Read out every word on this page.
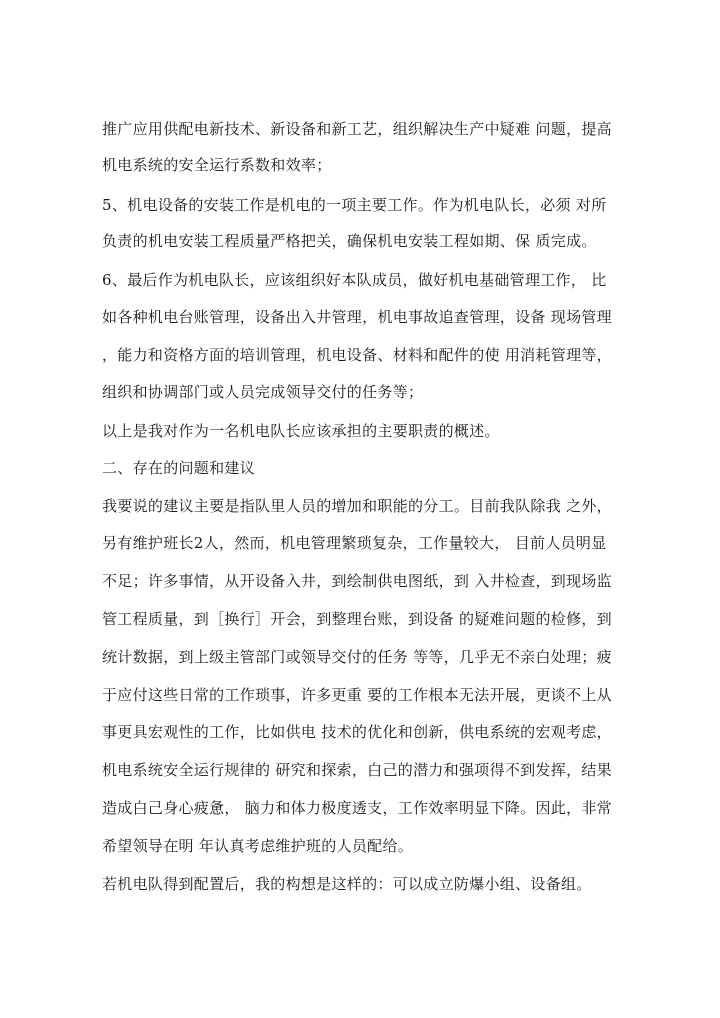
推广应用供配电新技术、新设备和新工艺，组织解决生产中疑难 问题，提高
机电系统的安全运行系数和效率；
5、机电设备的安装工作是机电的一项主要工作。作为机电队长，必须 对所
负责的机电安装工程质量严格把关，确保机电安装工程如期、保 质完成。
6、最后作为机电队长，应该组织好本队成员，做好机电基础管理工作， 比
如各种机电台账管理，设备出入井管理，机电事故追查管理，设备 现场管理
，能力和资格方面的培训管理，机电设备、材料和配件的使 用消耗管理等，
组织和协调部门或人员完成领导交付的任务等；
以上是我对作为一名机电队长应该承担的主要职责的概述。
二、存在的问题和建议
我要说的建议主要是指队里人员的增加和职能的分工。目前我队除我 之外，
另有维护班长2人，然而，机电管理繁琐复杂，工作量较大， 目前人员明显
不足；许多事情，从开设备入井，到绘制供电图纸，到 入井检查，到现场监
管工程质量，到［换行］开会，到整理台账，到设备 的疑难问题的检修，到
统计数据，到上级主管部门或领导交付的任务 等等，几乎无不亲白处理；疲
于应付这些日常的工作琐事，许多更重 要的工作根本无法开展，更谈不上从
事更具宏观性的工作，比如供电 技术的优化和创新，供电系统的宏观考虑，
机电系统安全运行规律的 研究和探索，白己的潜力和强项得不到发挥，结果
造成白己身心疲惫， 脑力和体力极度透支，工作效率明显下降。因此，非常
希望领导在明 年认真考虑维护班的人员配给。
若机电队得到配置后，我的构想是这样的：可以成立防爆小组、设备组。
